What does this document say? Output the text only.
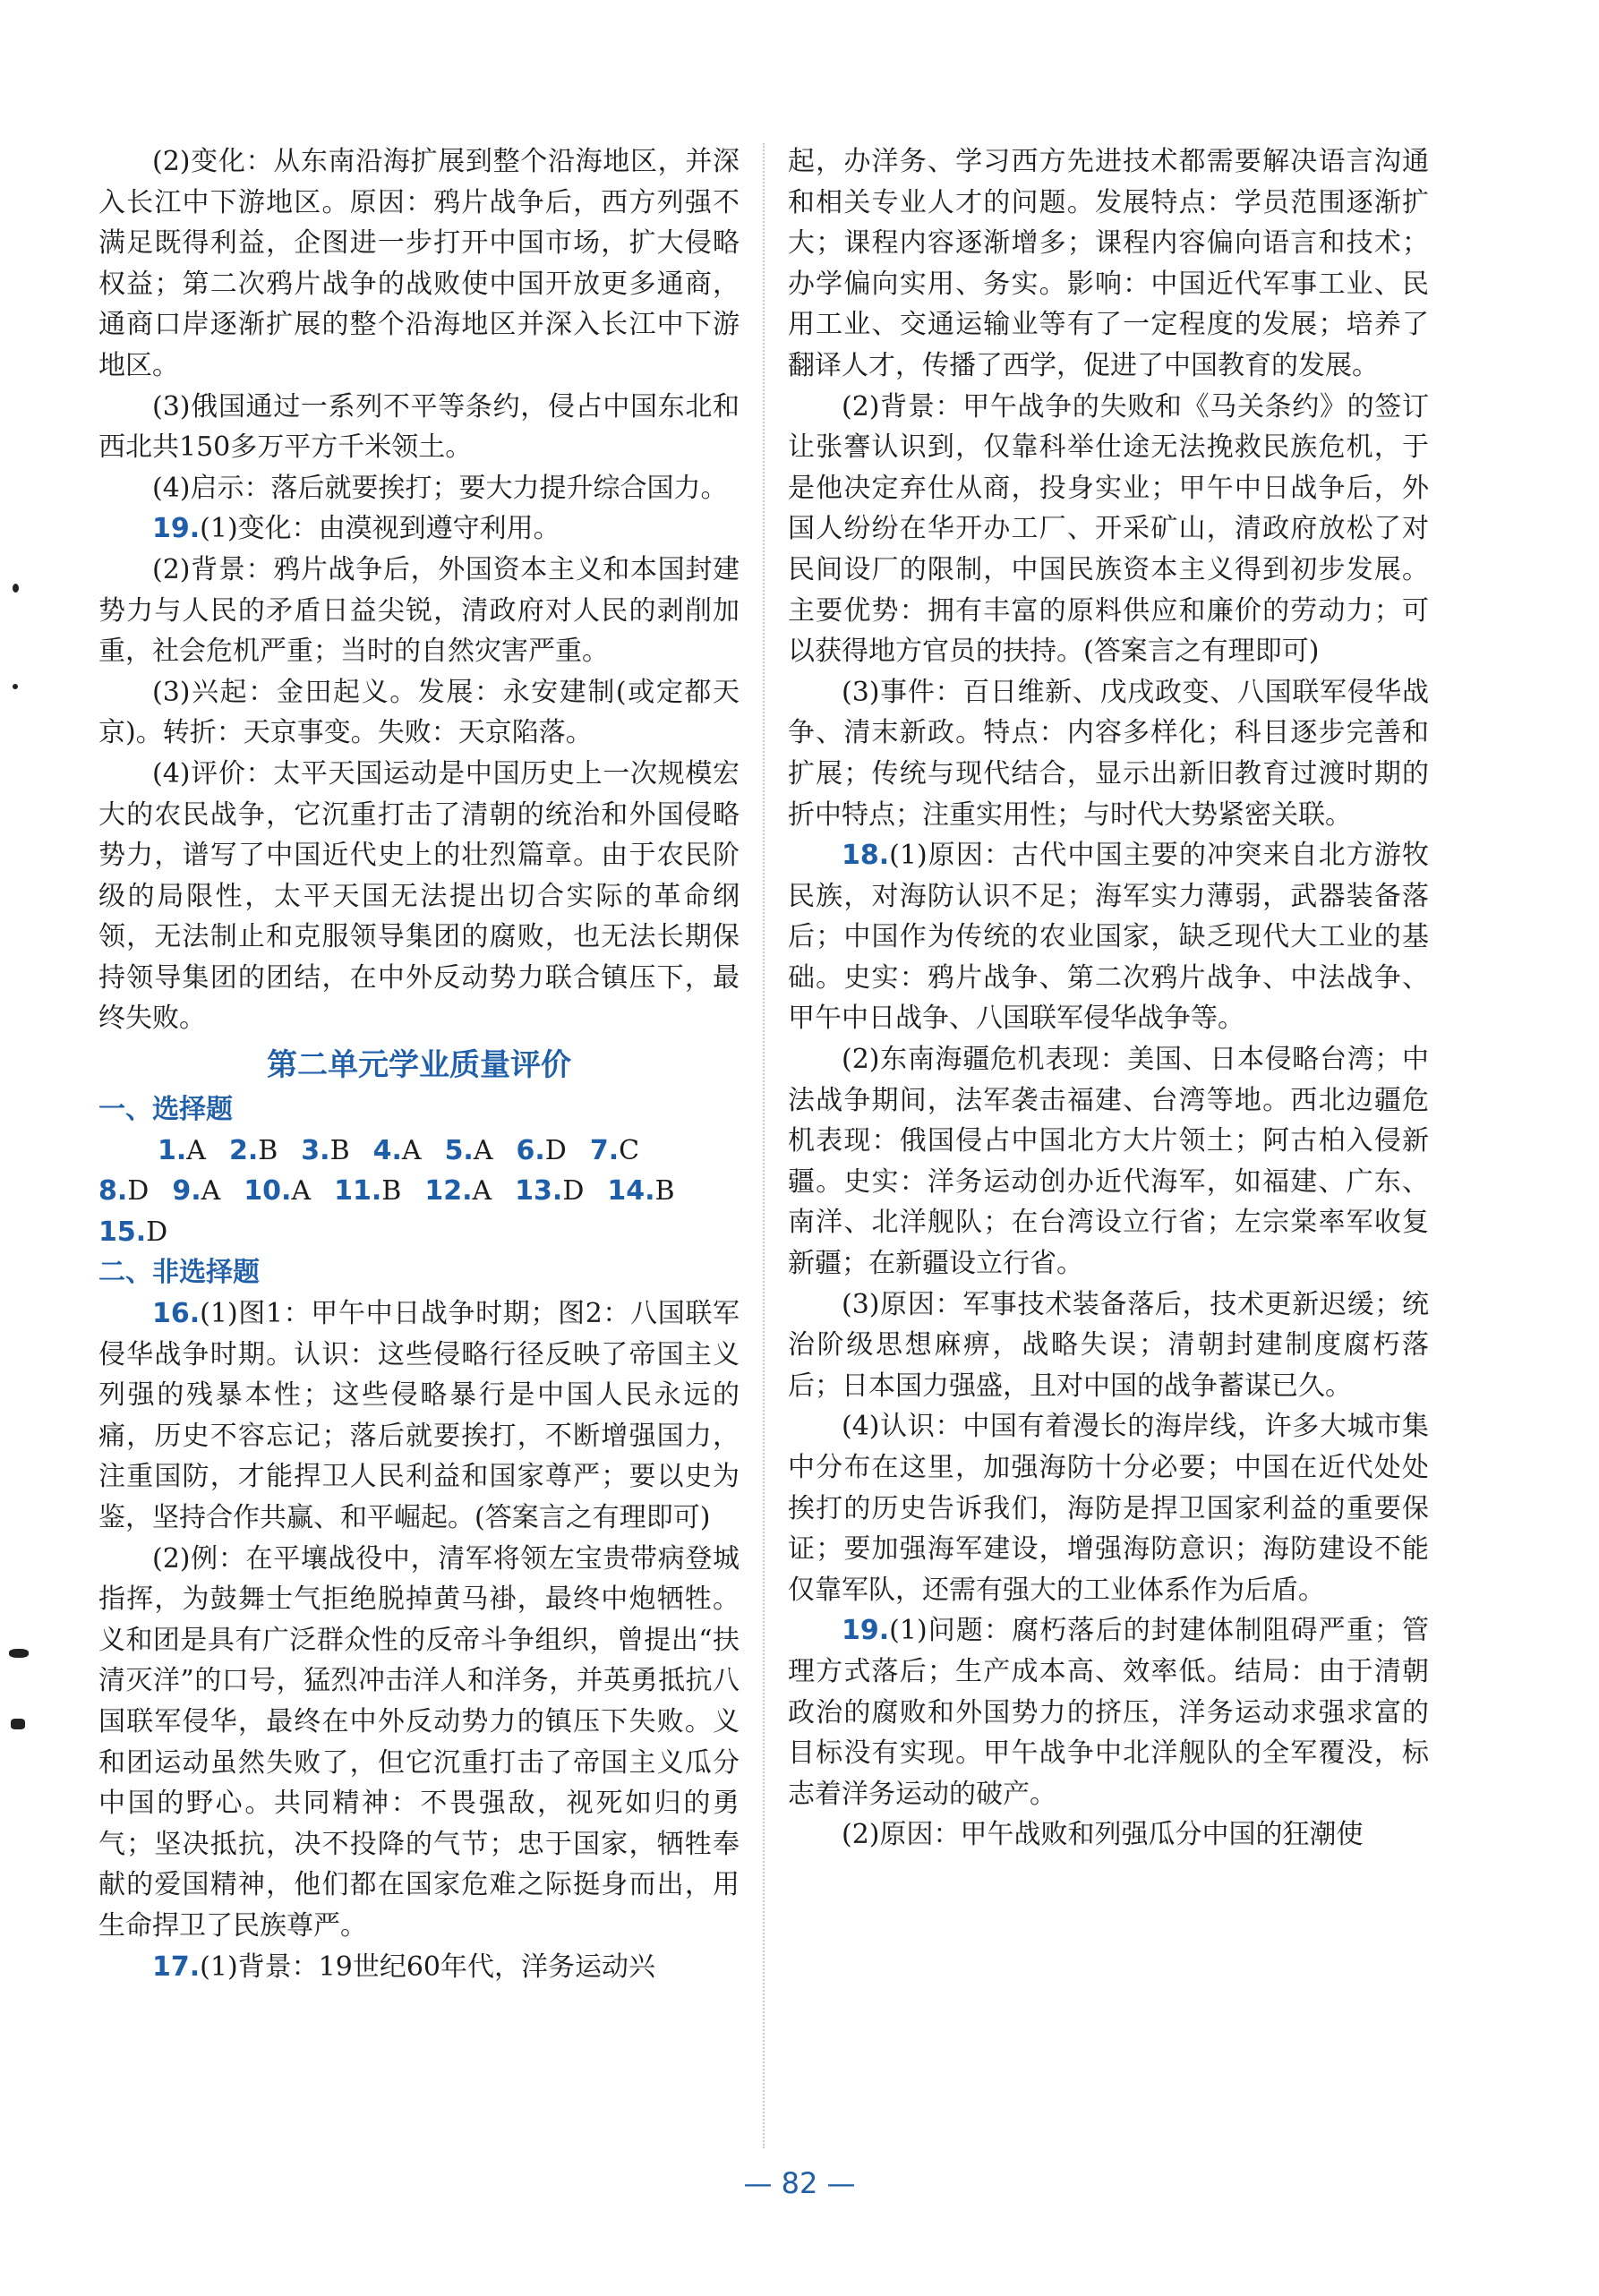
(2)变化：从东南沿海扩展到整个沿海地区，并深入长江中下游地区。原因：鸦片战争后，西方列强不满足既得利益，企图进一步打开中国市场，扩大侵略权益；第二次鸦片战争的战败使中国开放更多通商，通商口岸逐渐扩展的整个沿海地区并深入长江中下游地区。

(3)俄国通过一系列不平等条约，侵占中国东北和西北共150多万平方千米领土。

(4)启示：落后就要挨打；要大力提升综合国力。

19.(1)变化：由漠视到遵守利用。

(2)背景：鸦片战争后，外国资本主义和本国封建势力与人民的矛盾日益尖锐，清政府对人民的剥削加重，社会危机严重；当时的自然灾害严重。

(3)兴起：金田起义。发展：永安建制(或定都天京)。转折：天京事变。失败：天京陷落。

(4)评价：太平天国运动是中国历史上一次规模宏大的农民战争，它沉重打击了清朝的统治和外国侵略势力，谱写了中国近代史上的壮烈篇章。由于农民阶级的局限性，太平天国无法提出切合实际的革命纲领，无法制止和克服领导集团的腐败，也无法长期保持领导集团的团结，在中外反动势力联合镇压下，最终失败。

第二单元学业质量评价
一、选择题
1.A 2.B 3.B 4.A 5.A 6.D 7.C
8.D 9.A 10.A 11.B 12.A 13.D 14.B
15.D
二、非选择题

16.(1)图1：甲午中日战争时期；图2：八国联军侵华战争时期。认识：这些侵略行径反映了帝国主义列强的残暴本性；这些侵略暴行是中国人民永远的痛，历史不容忘记；落后就要挨打，不断增强国力，注重国防，才能捍卫人民利益和国家尊严；要以史为鉴，坚持合作共赢、和平崛起。(答案言之有理即可)

(2)例：在平壤战役中，清军将领左宝贵带病登城指挥，为鼓舞士气拒绝脱掉黄马褂，最终中炮牺牲。义和团是具有广泛群众性的反帝斗争组织，曾提出“扶清灭洋”的口号，猛烈冲击洋人和洋务，并英勇抵抗八国联军侵华，最终在中外反动势力的镇压下失败。义和团运动虽然失败了，但它沉重打击了帝国主义瓜分中国的野心。共同精神：不畏强敌，视死如归的勇气；坚决抵抗，决不投降的气节；忠于国家，牺牲奉献的爱国精神，他们都在国家危难之际挺身而出，用生命捍卫了民族尊严。

17.(1)背景：19世纪60年代，洋务运动兴

起，办洋务、学习西方先进技术都需要解决语言沟通和相关专业人才的问题。发展特点：学员范围逐渐扩大；课程内容逐渐增多；课程内容偏向语言和技术；办学偏向实用、务实。影响：中国近代军事工业、民用工业、交通运输业等有了一定程度的发展；培养了翻译人才，传播了西学，促进了中国教育的发展。

(2)背景：甲午战争的失败和《马关条约》的签订让张謇认识到，仅靠科举仕途无法挽救民族危机，于是他决定弃仕从商，投身实业；甲午中日战争后，外国人纷纷在华开办工厂、开采矿山，清政府放松了对民间设厂的限制，中国民族资本主义得到初步发展。主要优势：拥有丰富的原料供应和廉价的劳动力；可以获得地方官员的扶持。(答案言之有理即可)

(3)事件：百日维新、戊戌政变、八国联军侵华战争、清末新政。特点：内容多样化；科目逐步完善和扩展；传统与现代结合，显示出新旧教育过渡时期的折中特点；注重实用性；与时代大势紧密关联。

18.(1)原因：古代中国主要的冲突来自北方游牧民族，对海防认识不足；海军实力薄弱，武器装备落后；中国作为传统的农业国家，缺乏现代大工业的基础。史实：鸦片战争、第二次鸦片战争、中法战争、甲午中日战争、八国联军侵华战争等。

(2)东南海疆危机表现：美国、日本侵略台湾；中法战争期间，法军袭击福建、台湾等地。西北边疆危机表现：俄国侵占中国北方大片领土；阿古柏入侵新疆。史实：洋务运动创办近代海军，如福建、广东、南洋、北洋舰队；在台湾设立行省；左宗棠率军收复新疆；在新疆设立行省。

(3)原因：军事技术装备落后，技术更新迟缓；统治阶级思想麻痹，战略失误；清朝封建制度腐朽落后；日本国力强盛，且对中国的战争蓄谋已久。

(4)认识：中国有着漫长的海岸线，许多大城市集中分布在这里，加强海防十分必要；中国在近代处处挨打的历史告诉我们，海防是捍卫国家利益的重要保证；要加强海军建设，增强海防意识；海防建设不能仅靠军队，还需有强大的工业体系作为后盾。

19.(1)问题：腐朽落后的封建体制阻碍严重；管理方式落后；生产成本高、效率低。结局：由于清朝政治的腐败和外国势力的挤压，洋务运动求强求富的目标没有实现。甲午战争中北洋舰队的全军覆没，标志着洋务运动的破产。

(2)原因：甲午战败和列强瓜分中国的狂潮使

— 82 —
